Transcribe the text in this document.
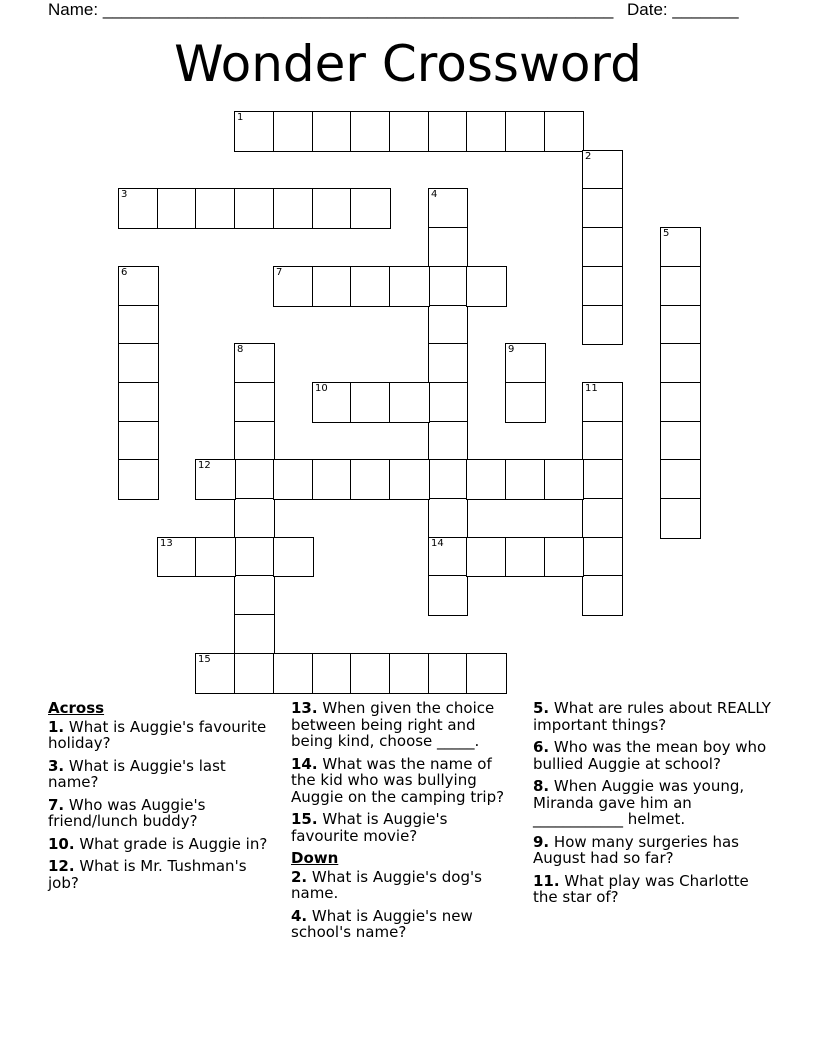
Name: ______________________________________________________ Date: _______
Wonder Crossword
1
2
3	4
14
5
6	7
8	9
10	11
12
13
15
Across
1. What is Auggie's favourite holiday?
3. What is Auggie's last name?
7. Who was Auggie's friend/lunch buddy?
10. What grade is Auggie in?
12. What is Mr. Tushman's job?
13. When given the choice between being right and being kind, choose _____.
14. What was the name of the kid who was bullying Auggie on the camping trip?
15. What is Auggie's favourite movie?
Down
2. What is Auggie's dog's name.
4. What is Auggie's new school's name?
5. What are rules about REALLY important things?
6. Who was the mean boy who bullied Auggie at school?
8. When Auggie was young, Miranda gave him an ____________ helmet.
9. How many surgeries has August had so far?
11. What play was Charlotte the star of?
